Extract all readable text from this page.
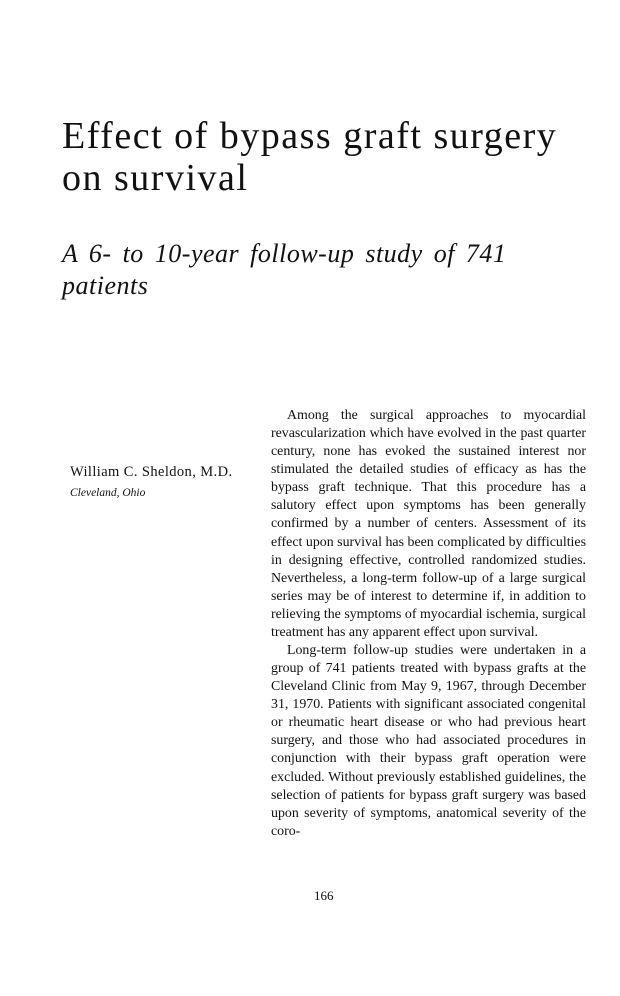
Effect of bypass graft surgery on survival
A 6- to 10-year follow-up study of 741 patients

William C. Sheldon, M.D.

Cleveland, Ohio

Among the surgical approaches to myocardial revascularization which have evolved in the past quarter century, none has evoked the sustained interest nor stimulated the detailed studies of efficacy as has the bypass graft technique. That this procedure has a salutory effect upon symptoms has been generally confirmed by a number of centers. Assessment of its effect upon survival has been complicated by difficulties in designing effective, controlled randomized studies. Nevertheless, a long-term follow-up of a large surgical series may be of interest to determine if, in addition to relieving the symptoms of myocardial ischemia, surgical treatment has any apparent effect upon survival.

Long-term follow-up studies were undertaken in a group of 741 patients treated with bypass grafts at the Cleveland Clinic from May 9, 1967, through December 31, 1970. Patients with significant associated congenital or rheumatic heart disease or who had previous heart surgery, and those who had associated procedures in conjunction with their bypass graft operation were excluded. Without previously established guidelines, the selection of patients for bypass graft surgery was based upon severity of symptoms, anatomical severity of the coro-

166
